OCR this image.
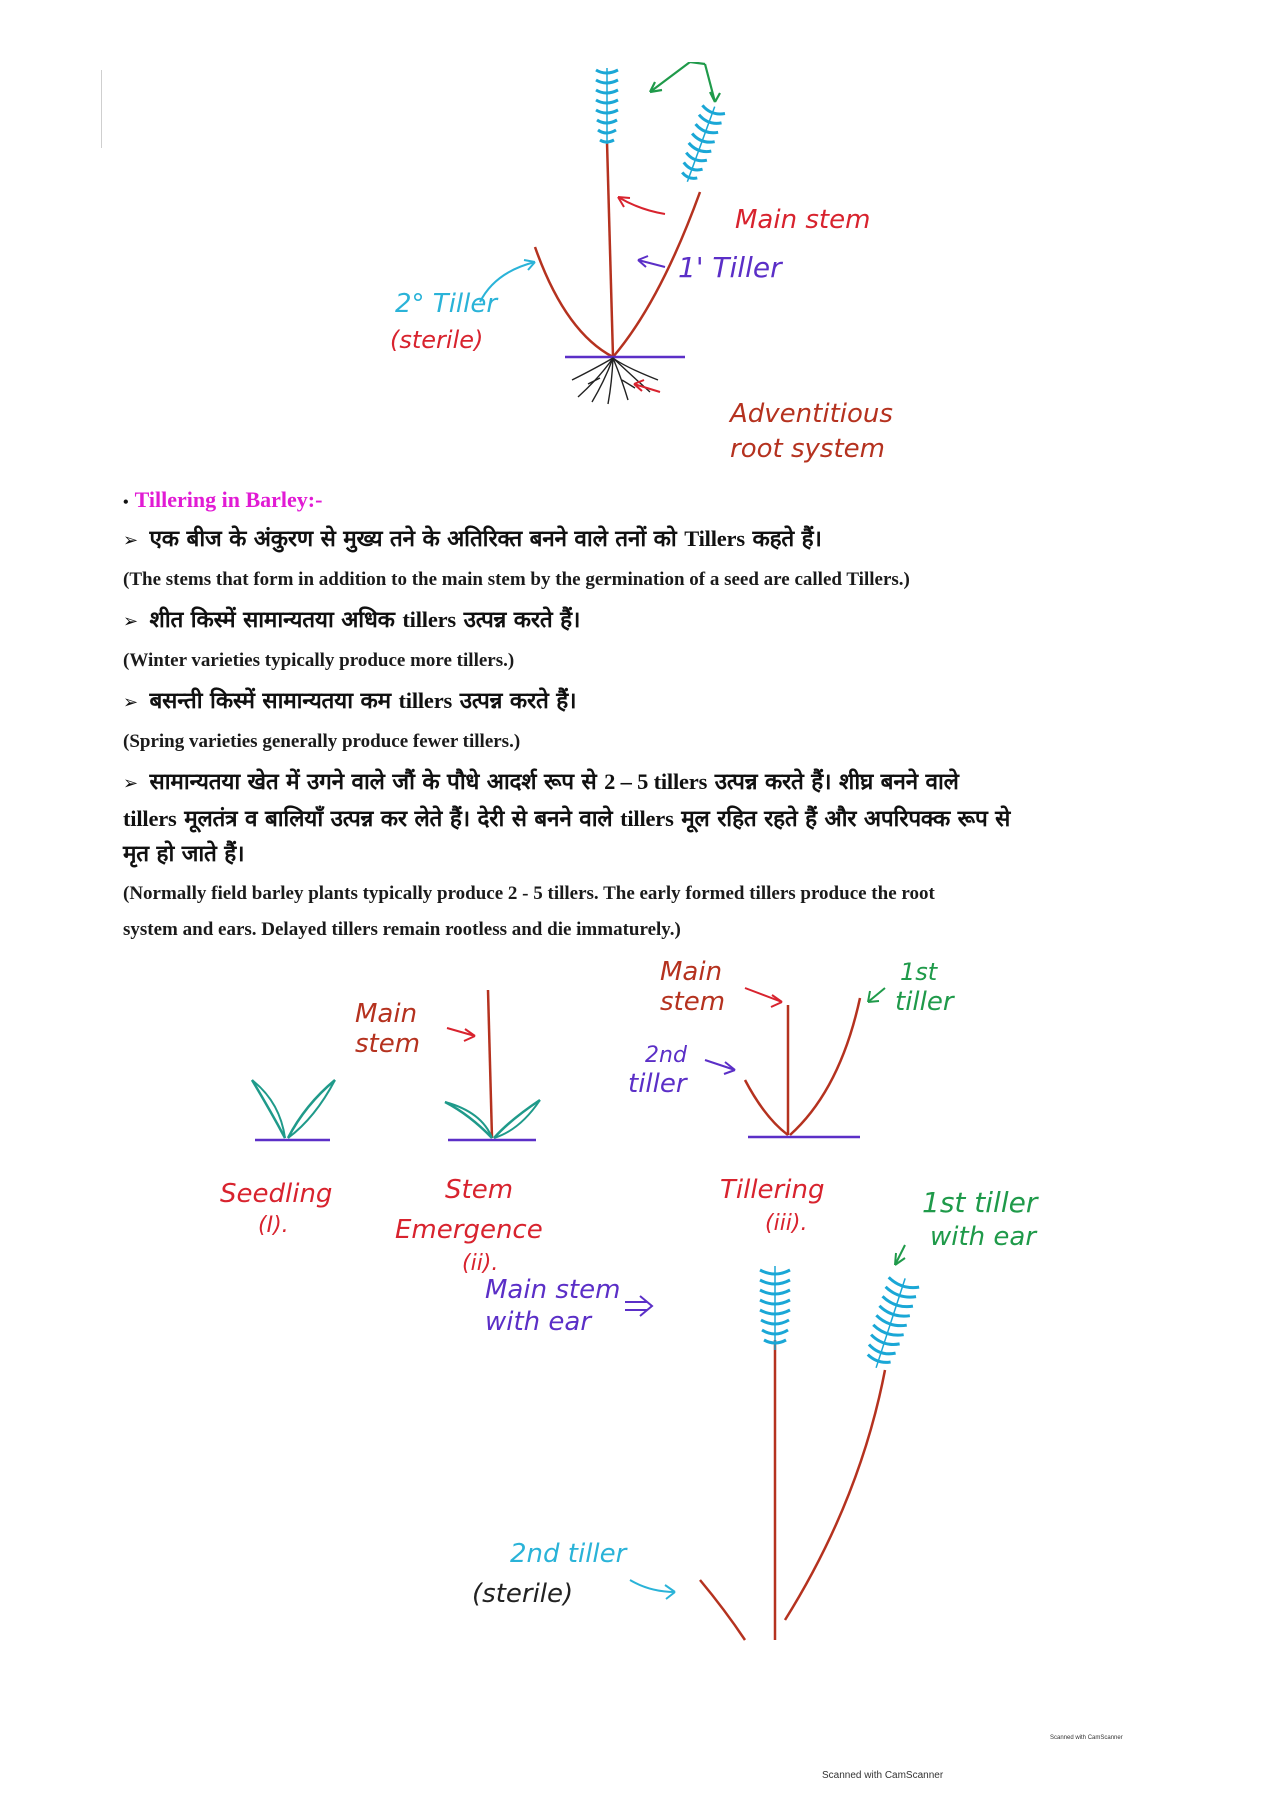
Main stem
1' Tiller
2° Tiller
(sterile)
Adventitious
root system

• Tillering in Barley:-

➢ एक बीज के अंकुरण से मुख्य तने के अतिरिक्त बनने वाले तनों को Tillers कहते हैं।

(The stems that form in addition to the main stem by the germination of a seed are called Tillers.)

➢ शीत किस्में सामान्यतया अधिक tillers उत्पन्न करते हैं।

(Winter varieties typically produce more tillers.)

➢ बसन्ती किस्में सामान्यतया कम tillers उत्पन्न करते हैं।

(Spring varieties generally produce fewer tillers.)

➢ सामान्यतया खेत में उगने वाले जौं के पौधे आदर्श रूप से 2 – 5 tillers उत्पन्न करते हैं। शीघ्र बनने वाले
tillers मूलतंत्र व बालियाँ उत्पन्न कर लेते हैं। देरी से बनने वाले tillers मूल रहित रहते हैं और अपरिपक्क रूप से
मृत हो जाते हैं।

(Normally field barley plants typically produce 2 - 5 tillers. The early formed tillers produce the root
system and ears. Delayed tillers remain rootless and die immaturely.)

Seedling
(I).
Main
stem
Stem
Emergence
(ii).
Main
stem
1st
tiller
2nd
tiller
Tillering
(iii).
1st tiller
with ear
Main stem
with ear
2nd tiller
(sterile)
Scanned with CamScanner
Scanned with CamScanner
